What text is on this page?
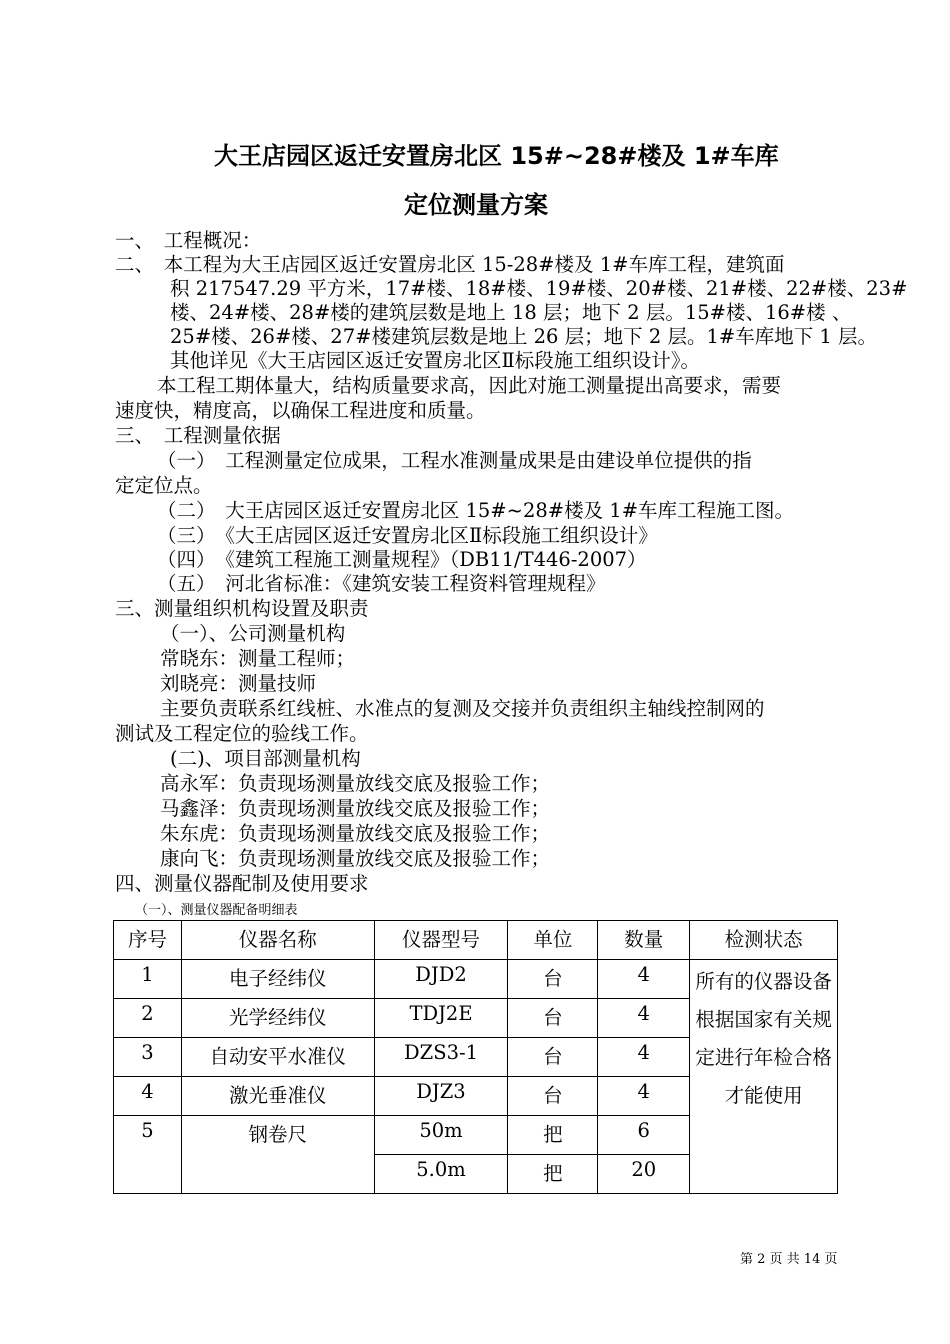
大王店园区返迁安置房北区 15#~28#楼及 1#车库
定位测量方案
一、　工程概况：
二、　本工程为大王店园区返迁安置房北区 15-28#楼及 1#车库工程，建筑面
积 217547.29 平方米，17#楼、18#楼、19#楼、20#楼、21#楼、22#楼、23#
楼、24#楼、28#楼的建筑层数是地上 18 层；地下 2 层。15#楼、16#楼 、
25#楼、26#楼、27#楼建筑层数是地上 26 层；地下 2 层。1#车库地下 1 层。
其他详见《大王店园区返迁安置房北区Ⅱ标段施工组织设计》。
本工程工期体量大，结构质量要求高，因此对施工测量提出高要求，需要
速度快，精度高，以确保工程进度和质量。
三、　工程测量依据
（一）　工程测量定位成果，工程水准测量成果是由建设单位提供的指
定定位点。
（二）　大王店园区返迁安置房北区 15#~28#楼及 1#车库工程施工图。
（三）　《大王店园区返迁安置房北区Ⅱ标段施工组织设计》
（四）　《建筑工程施工测量规程》（DB11/T446-2007）
（五）　河北省标准：《建筑安装工程资料管理规程》
三、测量组织机构设置及职责
（一）、公司测量机构
常晓东：测量工程师；
刘晓亮：测量技师
主要负责联系红线桩、水准点的复测及交接并负责组织主轴线控制网的
测试及工程定位的验线工作。
(二)、项目部测量机构
高永军：负责现场测量放线交底及报验工作；
马鑫泽：负责现场测量放线交底及报验工作；
朱东虎：负责现场测量放线交底及报验工作；
康向飞：负责现场测量放线交底及报验工作；
四、测量仪器配制及使用要求
（一）、测量仪器配备明细表
序号	仪器名称	仪器型号	单位	数量	检测状态
1	电子经纬仪	DJD2	台	4	所有的仪器设备根据国家有关规定进行年检合格才能使用
2	光学经纬仪	TDJ2E	台	4	
3	自动安平水准仪	DZS3-1	台	4	
4	激光垂准仪	DJZ3	台	4	
5	钢卷尺	50m	把	6	
		5.0m	把	20	
第 2 页 共 14 页
